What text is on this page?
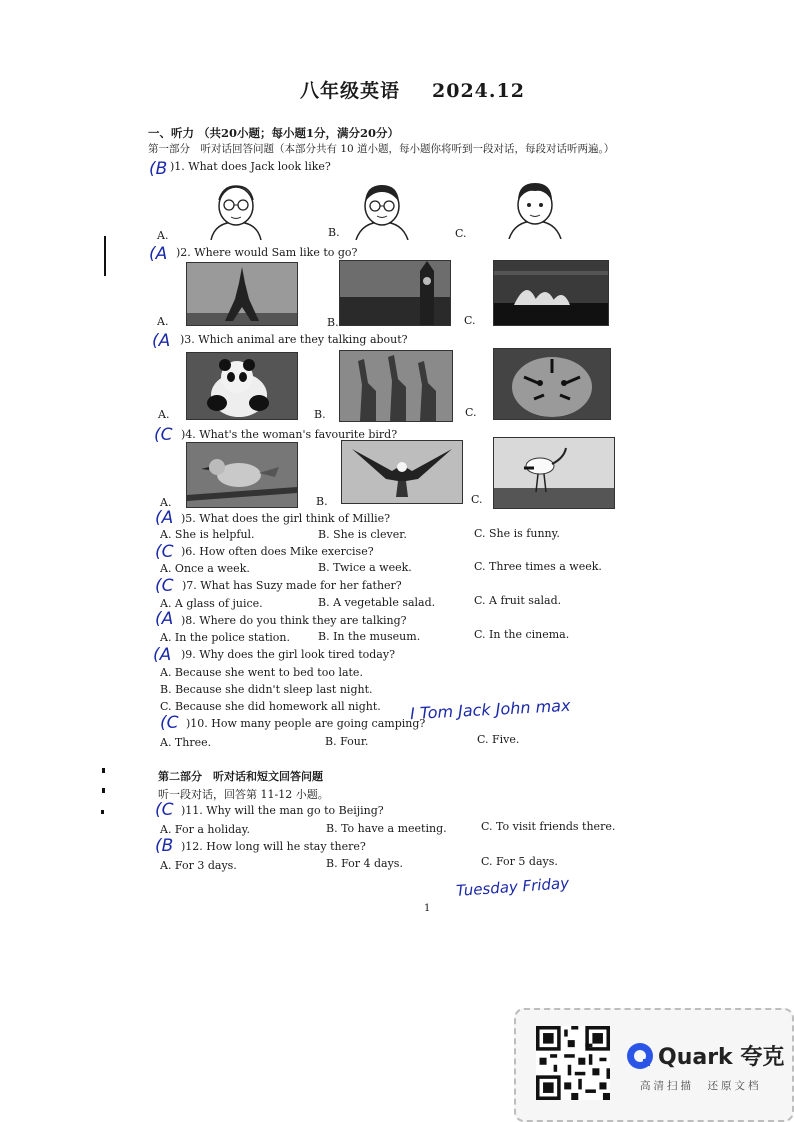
八年级英语 2024.12
一、听力 （共20小题；每小题1分，满分20分）
第一部分　听对话回答问题（本部分共有 10 道小题，每小题你将听到一段对话，每段对话听两遍。）
(B )1. What does Jack look like?
A.	B.	C.
(A )2. Where would Sam like to go?
A.	B.	C.
(A )3. Which animal are they talking about?
A.	B.	C.
(C )4. What's the woman's favourite bird?
A.	B.	C.
(A )5. What does the girl think of Millie?
A. She is helpful.	B. She is clever.	C. She is funny.
(C )6. How often does Mike exercise?
A. Once a week.	B. Twice a week.	C. Three times a week.
(C )7. What has Suzy made for her father?
A. A glass of juice.	B. A vegetable salad.	C. A fruit salad.
(A )8. Where do you think they are talking?
A. In the police station.	B. In the museum.	C. In the cinema.
(A )9. Why does the girl look tired today?
A. Because she went to bed too late.
B. Because she didn't sleep last night.
C. Because she did homework all night.
(C )10. How many people are going camping?
A. Three.	B. Four.	C. Five.
I Tom Jack John max
第二部分　听对话和短文回答问题
听一段对话，回答第 11-12 小题。
(C )11. Why will the man go to Beijing?
A. For a holiday.	B. To have a meeting.	C. To visit friends there.
(B )12. How long will he stay there?
A. For 3 days.	B. For 4 days.	C. For 5 days.
Tuesday Friday
1
Quark 夸克
高清扫描　还原文档
